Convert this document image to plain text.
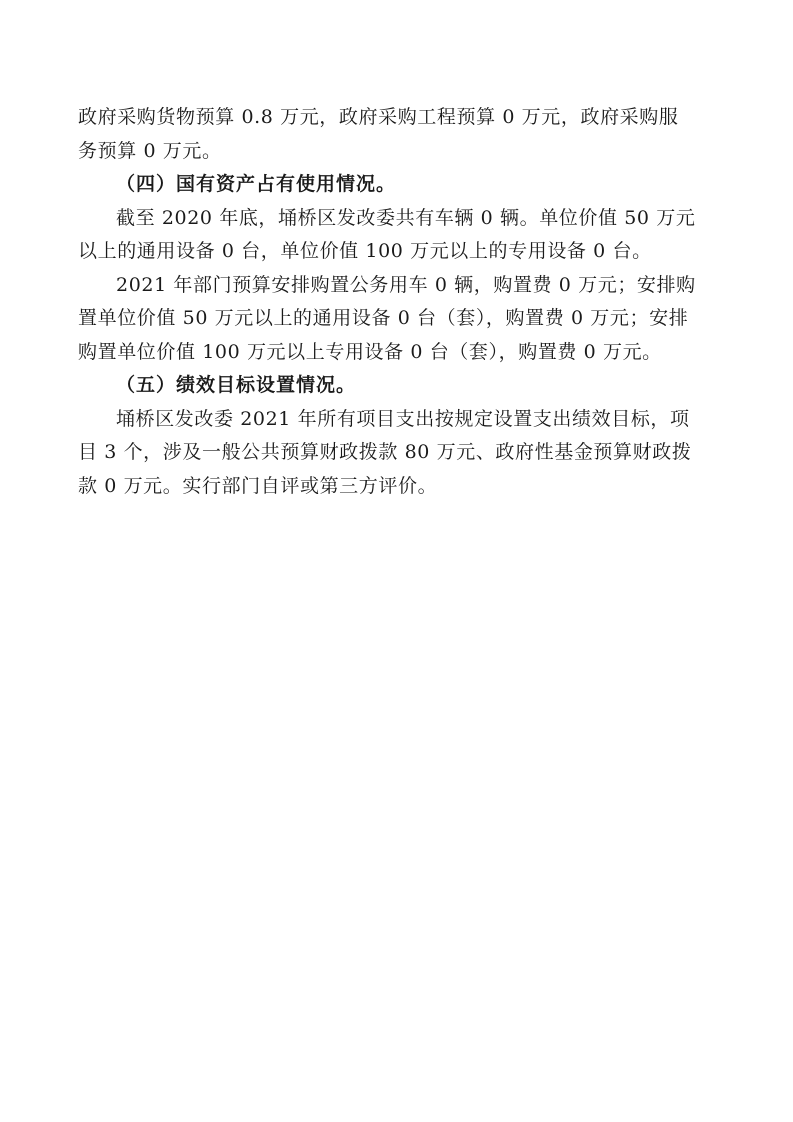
政府采购货物预算 0.8 万元，政府采购工程预算 0 万元，政府采购服
务预算 0 万元。

（四）国有资产占有使用情况。

截至 2020 年底，埇桥区发改委共有车辆 0 辆。单位价值 50 万元
以上的通用设备 0 台，单位价值 100 万元以上的专用设备 0 台。

2021 年部门预算安排购置公务用车 0 辆，购置费 0 万元；安排购
置单位价值 50 万元以上的通用设备 0 台（套），购置费 0 万元；安排
购置单位价值 100 万元以上专用设备 0 台（套），购置费 0 万元。

（五）绩效目标设置情况。

埇桥区发改委 2021 年所有项目支出按规定设置支出绩效目标，项
目 3 个，涉及一般公共预算财政拨款 80 万元、政府性基金预算财政拨
款 0 万元。实行部门自评或第三方评价。
